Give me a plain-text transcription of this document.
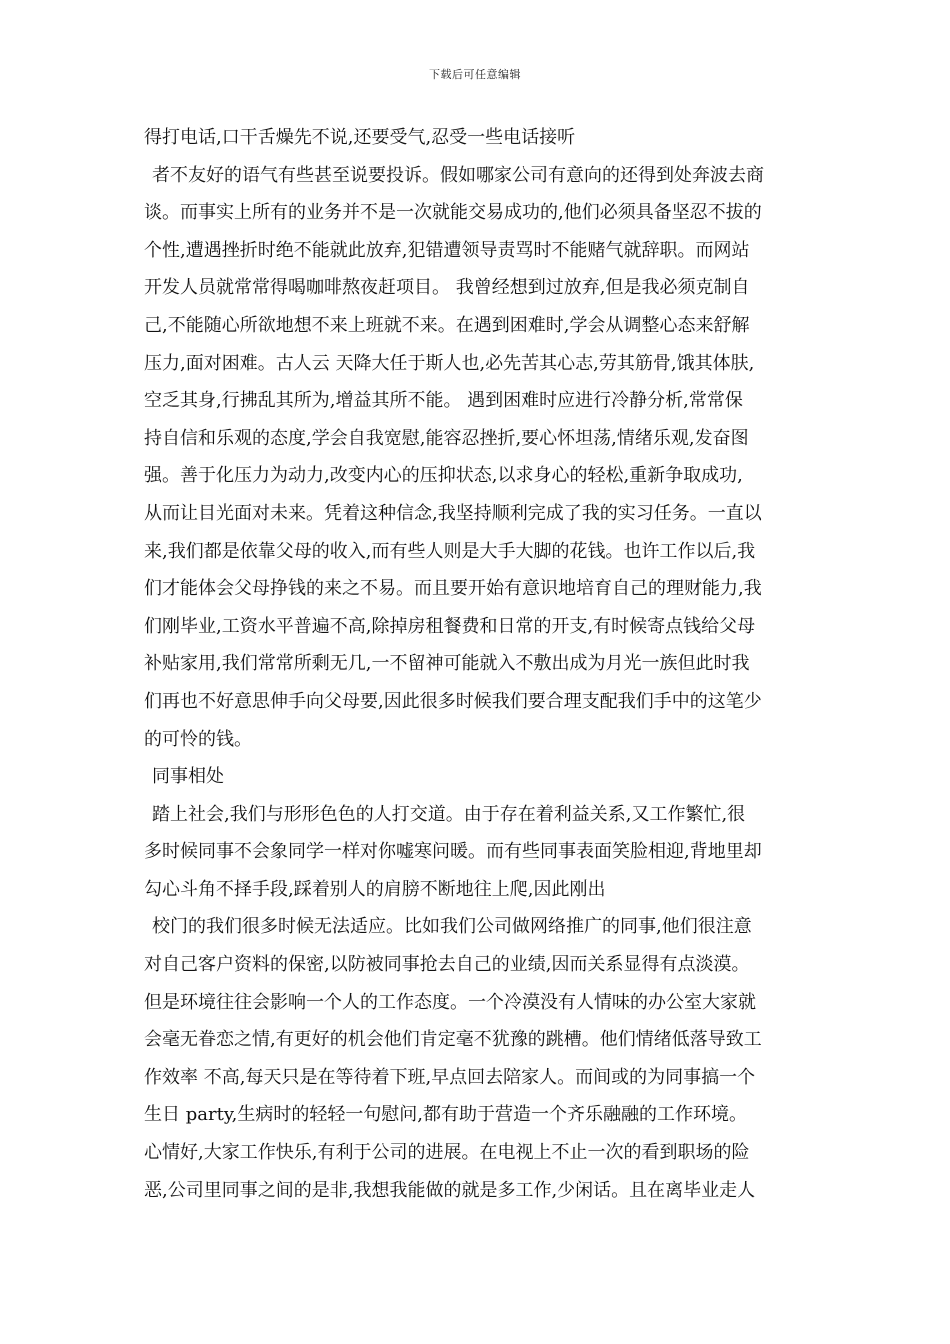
下载后可任意编辑
得打电话,口干舌燥先不说,还要受气,忍受一些电话接听
者不友好的语气有些甚至说要投诉。假如哪家公司有意向的还得到处奔波去商
谈。而事实上所有的业务并不是一次就能交易成功的,他们必须具备坚忍不拔的
个性,遭遇挫折时绝不能就此放弃,犯错遭领导责骂时不能赌气就辞职。而网站
开发人员就常常得喝咖啡熬夜赶项目。 我曾经想到过放弃,但是我必须克制自
己,不能随心所欲地想不来上班就不来。在遇到困难时,学会从调整心态来舒解
压力,面对困难。古人云 天降大任于斯人也,必先苦其心志,劳其筋骨,饿其体肤,
空乏其身,行拂乱其所为,增益其所不能。 遇到困难时应进行冷静分析,常常保
持自信和乐观的态度,学会自我宽慰,能容忍挫折,要心怀坦荡,情绪乐观,发奋图
强。善于化压力为动力,改变内心的压抑状态,以求身心的轻松,重新争取成功,
从而让目光面对未来。凭着这种信念,我坚持顺利完成了我的实习任务。一直以
来,我们都是依靠父母的收入,而有些人则是大手大脚的花钱。也许工作以后,我
们才能体会父母挣钱的来之不易。而且要开始有意识地培育自己的理财能力,我
们刚毕业,工资水平普遍不高,除掉房租餐费和日常的开支,有时候寄点钱给父母
补贴家用,我们常常所剩无几,一不留神可能就入不敷出成为月光一族但此时我
们再也不好意思伸手向父母要,因此很多时候我们要合理支配我们手中的这笔少
的可怜的钱。
同事相处
踏上社会,我们与形形色色的人打交道。由于存在着利益关系,又工作繁忙,很
多时候同事不会象同学一样对你嘘寒问暖。而有些同事表面笑脸相迎,背地里却
勾心斗角不择手段,踩着别人的肩膀不断地往上爬,因此刚出
校门的我们很多时候无法适应。比如我们公司做网络推广的同事,他们很注意
对自己客户资料的保密,以防被同事抢去自己的业绩,因而关系显得有点淡漠。
但是环境往往会影响一个人的工作态度。一个冷漠没有人情味的办公室大家就
会毫无眷恋之情,有更好的机会他们肯定毫不犹豫的跳槽。他们情绪低落导致工
作效率 不高,每天只是在等待着下班,早点回去陪家人。而间或的为同事搞一个
生日 party,生病时的轻轻一句慰问,都有助于营造一个齐乐融融的工作环境。
心情好,大家工作快乐,有利于公司的进展。在电视上不止一次的看到职场的险
恶,公司里同事之间的是非,我想我能做的就是多工作,少闲话。且在离毕业走人
